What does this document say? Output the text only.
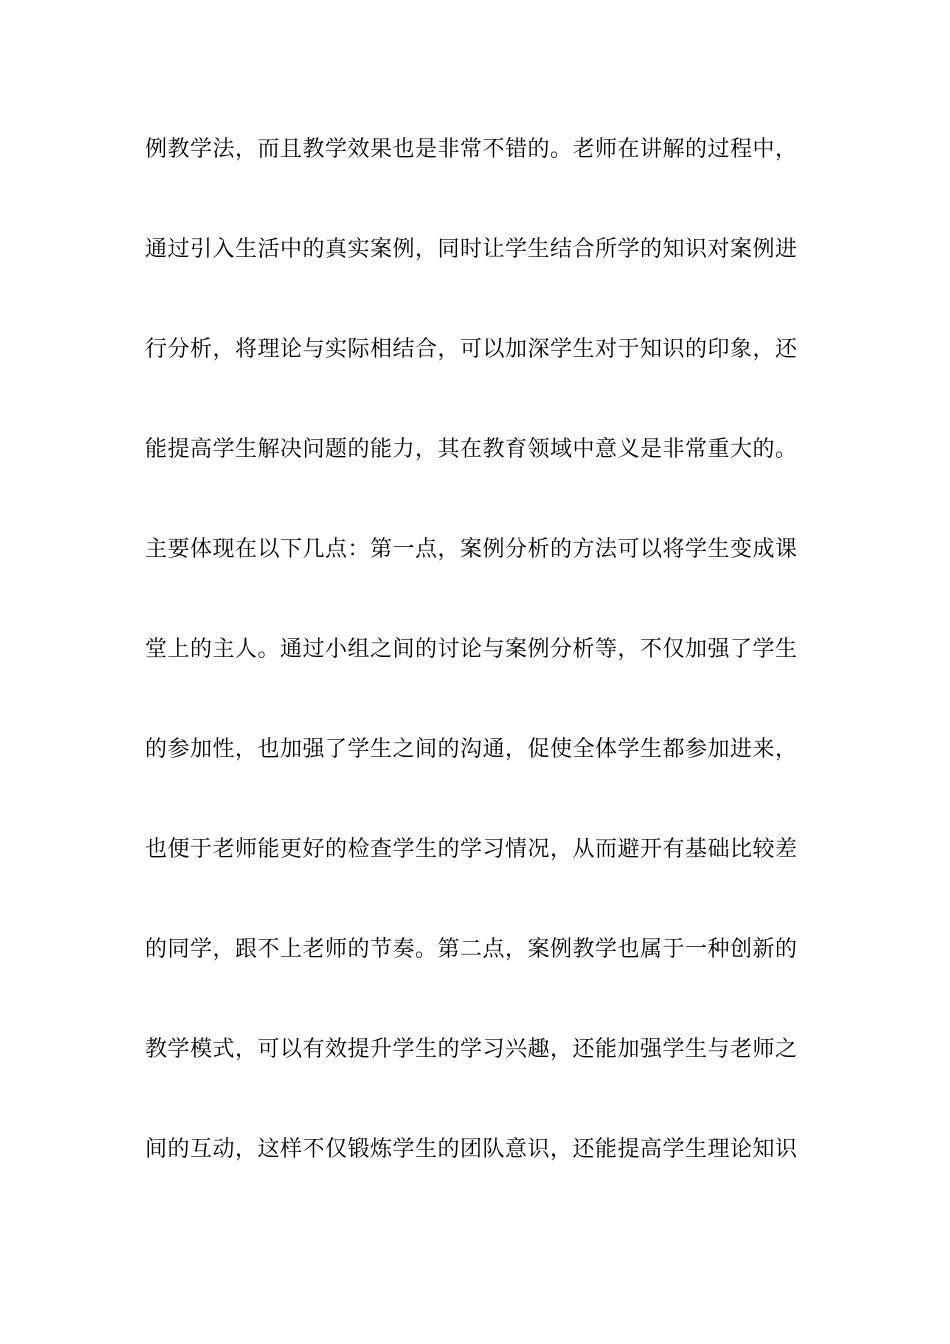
例教学法，而且教学效果也是非常不错的。老师在讲解的过程中，
通过引入生活中的真实案例，同时让学生结合所学的知识对案例进
行分析，将理论与实际相结合，可以加深学生对于知识的印象，还
能提高学生解决问题的能力，其在教育领域中意义是非常重大的。
主要体现在以下几点：第一点，案例分析的方法可以将学生变成课
堂上的主人。通过小组之间的讨论与案例分析等，不仅加强了学生
的参加性，也加强了学生之间的沟通，促使全体学生都参加进来，
也便于老师能更好的检查学生的学习情况，从而避开有基础比较差
的同学，跟不上老师的节奏。第二点，案例教学也属于一种创新的
教学模式，可以有效提升学生的学习兴趣，还能加强学生与老师之
间的互动，这样不仅锻炼学生的团队意识，还能提高学生理论知识
